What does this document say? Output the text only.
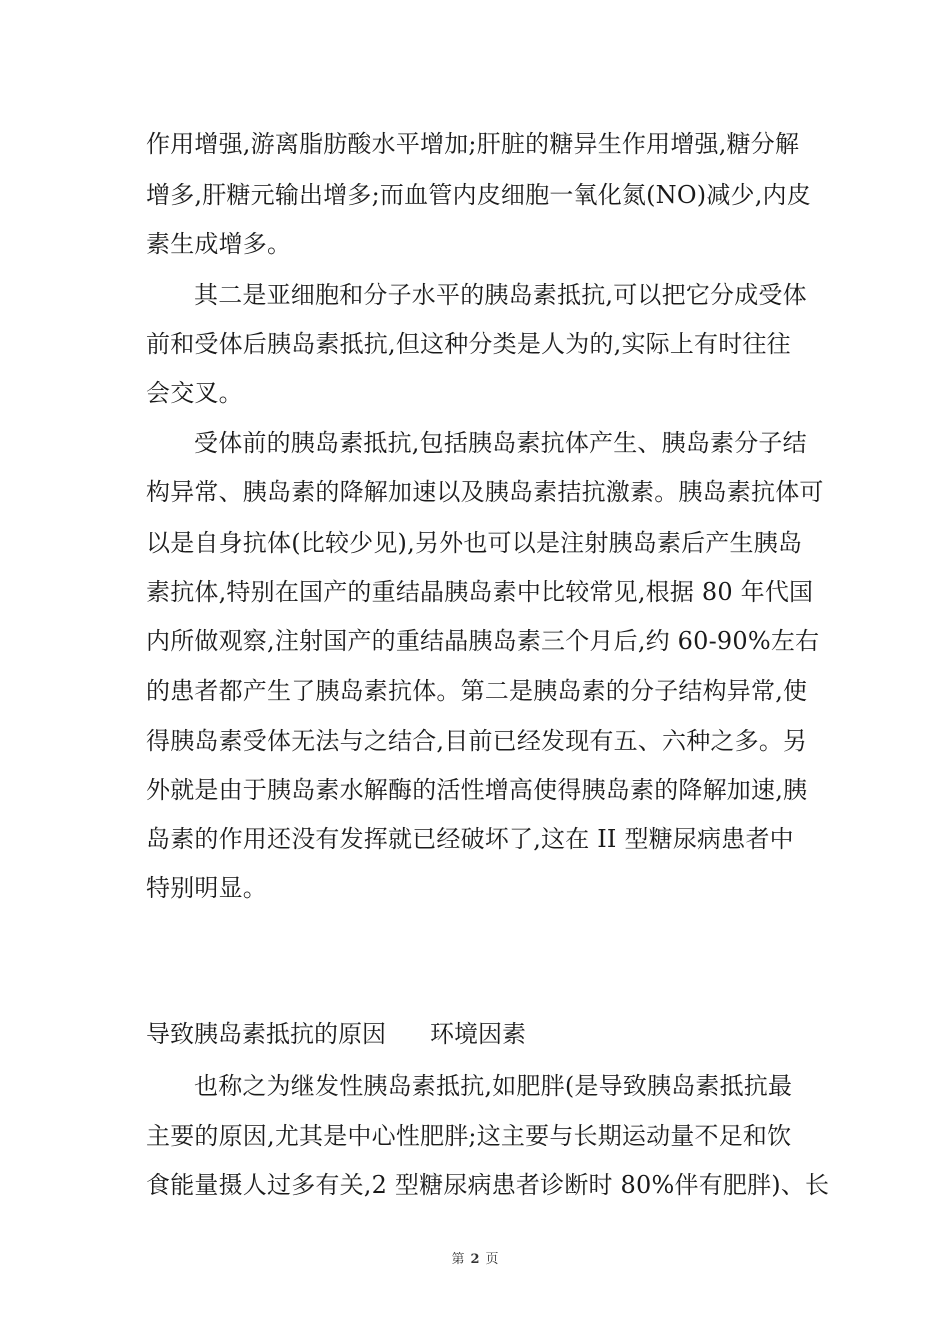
作用增强,游离脂肪酸水平增加;肝脏的糖异生作用增强,糖分解
增多,肝糖元输出增多;而血管内皮细胞一氧化氮(NO)减少,内皮
素生成增多。
其二是亚细胞和分子水平的胰岛素抵抗,可以把它分成受体
前和受体后胰岛素抵抗,但这种分类是人为的,实际上有时往往
会交叉。
受体前的胰岛素抵抗,包括胰岛素抗体产生、胰岛素分子结
构异常、胰岛素的降解加速以及胰岛素拮抗激素。胰岛素抗体可
以是自身抗体(比较少见),另外也可以是注射胰岛素后产生胰岛
素抗体,特别在国产的重结晶胰岛素中比较常见,根据 80 年代国
内所做观察,注射国产的重结晶胰岛素三个月后,约 60-90%左右
的患者都产生了胰岛素抗体。第二是胰岛素的分子结构异常,使
得胰岛素受体无法与之结合,目前已经发现有五、六种之多。另
外就是由于胰岛素水解酶的活性增高使得胰岛素的降解加速,胰
岛素的作用还没有发挥就已经破坏了,这在 II 型糖尿病患者中
特别明显。
导致胰岛素抵抗的原因 环境因素
也称之为继发性胰岛素抵抗,如肥胖(是导致胰岛素抵抗最
主要的原因,尤其是中心性肥胖;这主要与长期运动量不足和饮
食能量摄人过多有关,2 型糖尿病患者诊断时 80%伴有肥胖)、长
第 2 页
